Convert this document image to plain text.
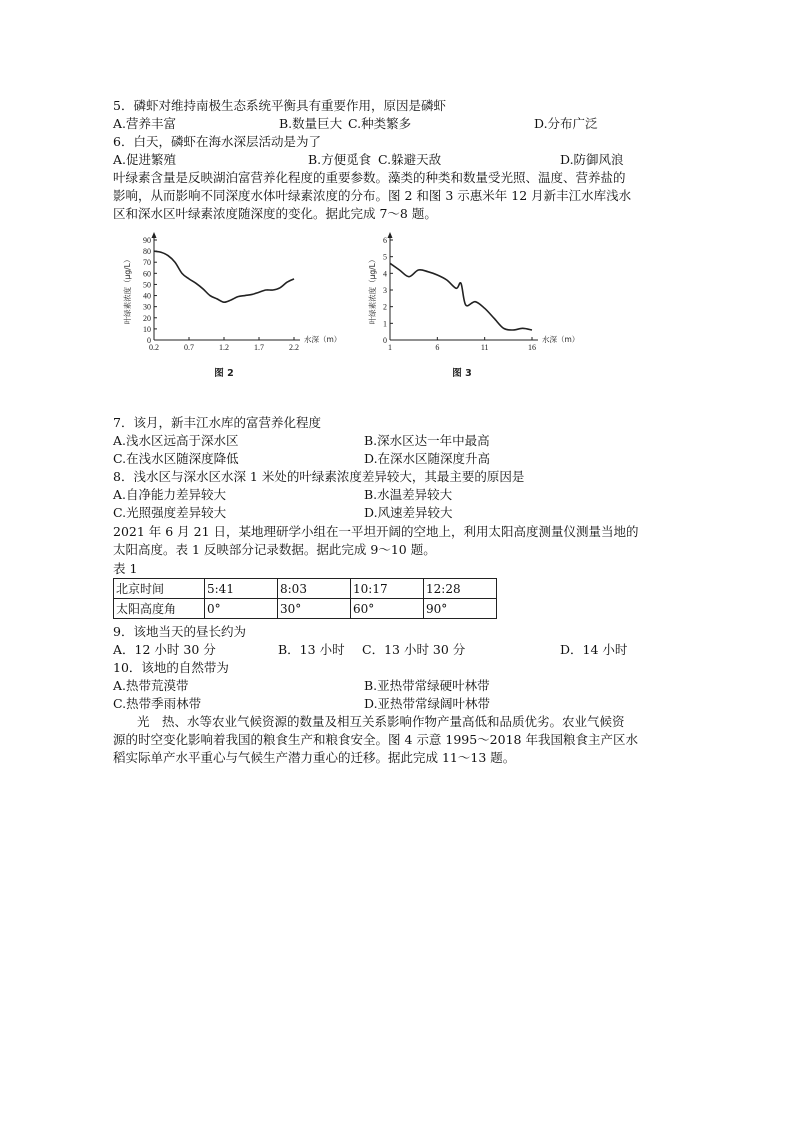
5．磷虾对维持南极生态系统平衡具有重要作用，原因是磷虾
A.营养丰富	B.数量巨大 C.种类繁多	D.分布广泛
6．白天，磷虾在海水深层活动是为了
A.促进繁殖	B.方便觅食 C.躲避天敌	D.防御风浪
叶绿素含量是反映湖泊富营养化程度的重要参数。藻类的种类和数量受光照、温度、营养盐的
影响，从而影响不同深度水体叶绿素浓度的分布。图 2 和图 3 示惠米年 12 月新丰江水库浅水
区和深水区叶绿素浓度随深度的变化。据此完成 7～8 题。
0
10
20
30
40
50
60
70
80
90
0.2	0.7	1.2	1.7	2.2
水深（m）
叶绿素浓度（μg/L）
图 2
0
1
2
3
4
5
6
1	6	11	16
水深（m）
叶绿素浓度（μg/L）
图 3
7．该月，新丰江水库的富营养化程度
A.浅水区远高于深水区	B.深水区达一年中最高
C.在浅水区随深度降低	D.在深水区随深度升高
8．浅水区与深水区水深 1 米处的叶绿素浓度差异较大，其最主要的原因是
A.自净能力差异较大	B.水温差异较大
C.光照强度差异较大	D.风速差异较大
2021 年 6 月 21 日，某地理研学小组在一平坦开阔的空地上，利用太阳高度测量仪测量当地的
太阳高度。表 1 反映部分记录数据。据此完成 9～10 题。
表 1
北京时间	5:41	8:03	10:17	12:28
太阳高度角	0°	30°	60°	90°
9．该地当天的昼长约为
A．12 小时 30 分	B．13 小时 C．13 小时 30 分	D．14 小时
10．该地的自然带为
A.热带荒漠带	B.亚热带常绿硬叶林带
C.热带季雨林带	D.亚热带常绿阔叶林带
光　热、水等农业气候资源的数量及相互关系影响作物产量高低和品质优劣。农业气候资
源的时空变化影响着我国的粮食生产和粮食安全。图 4 示意 1995～2018 年我国粮食主产区水
稻实际单产水平重心与气候生产潜力重心的迁移。据此完成 11～13 题。
